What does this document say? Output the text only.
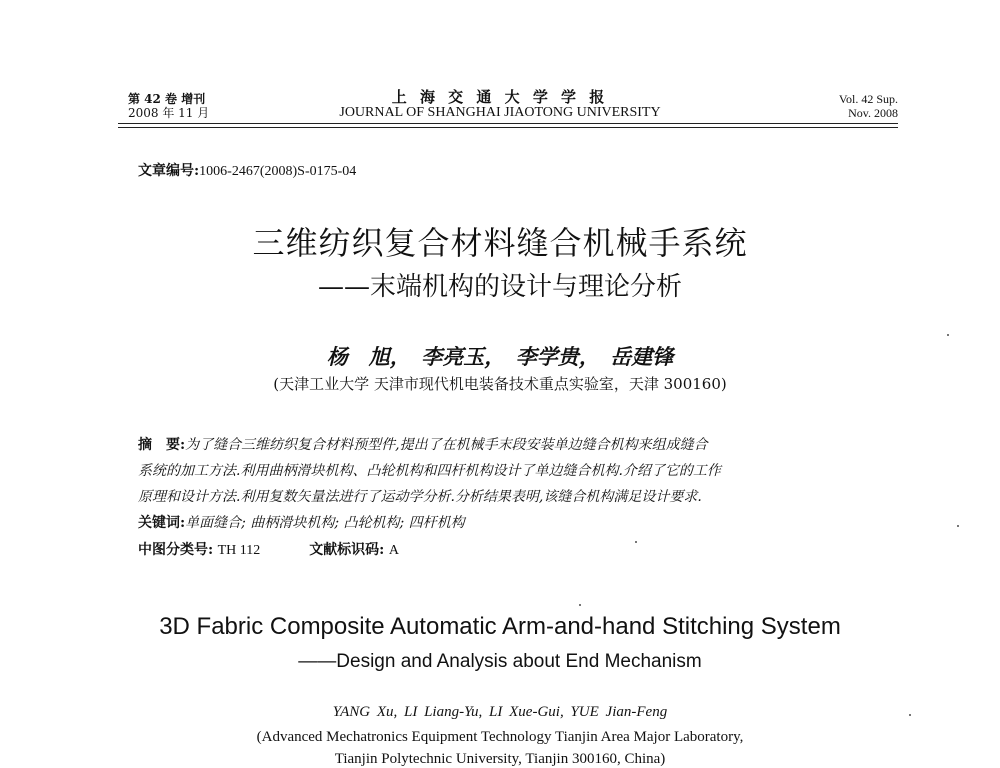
第 42 卷 增刊
2008 年 11 月
上 海 交 通 大 学 学 报
JOURNAL OF SHANGHAI JIAOTONG UNIVERSITY
Vol. 42 Sup.
Nov. 2008
文章编号:1006-2467(2008)S-0175-04
三维纺织复合材料缝合机械手系统
——末端机构的设计与理论分析
杨　旭，　李亮玉，　李学贵，　岳建锋
(天津工业大学 天津市现代机电装备技术重点实验室，天津 300160)
摘　要:为了缝合三维纺织复合材料预型件,提出了在机械手末段安装单边缝合机构来组成缝合
系统的加工方法.利用曲柄滑块机构、凸轮机构和四杆机构设计了单边缝合机构.介绍了它的工作
原理和设计方法.利用复数矢量法进行了运动学分析.分析结果表明,该缝合机构满足设计要求.
关键词:单面缝合; 曲柄滑块机构; 凸轮机构; 四杆机构
中图分类号: TH 112	文献标识码: A
3D Fabric Composite Automatic Arm-and-hand Stitching System
——Design and Analysis about End Mechanism
YANG Xu, LI Liang-Yu, LI Xue-Gui, YUE Jian-Feng
(Advanced Mechatronics Equipment Technology Tianjin Area Major Laboratory,
Tianjin Polytechnic University, Tianjin 300160, China)
